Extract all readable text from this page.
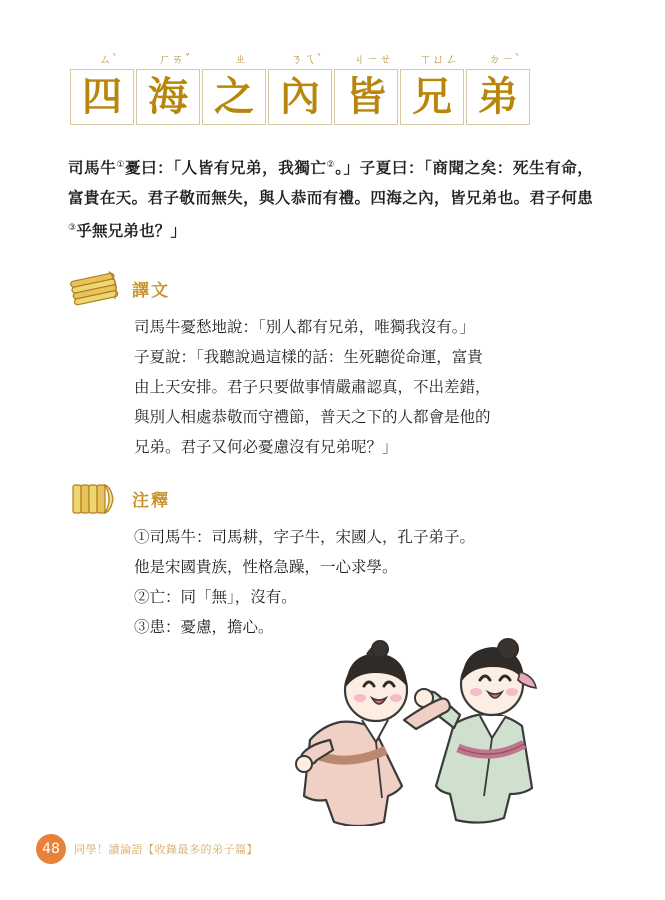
ㄙˋ	ㄏㄞˇ	ㄓ	ㄋㄟˋ	ㄐㄧㄝ	ㄒㄩㄥ	ㄉㄧˋ
四 海 之 內 皆 兄 弟
司馬牛①憂曰：「人皆有兄弟，我獨亡②。」子夏曰：「商聞之矣：死生有命，富貴在天。君子敬而無失，與人恭而有禮。四海之內，皆兄弟也。君子何患③乎無兄弟也？」
譯文

司馬牛憂愁地說：「別人都有兄弟，唯獨我沒有。」

子夏說：「我聽說過這樣的話：生死聽從命運，富貴

由上天安排。君子只要做事情嚴肅認真，不出差錯，

與別人相處恭敬而守禮節，普天之下的人都會是他的

兄弟。君子又何必憂慮沒有兄弟呢？」

注釋

①司馬牛：司馬耕，字子牛，宋國人，孔子弟子。

他是宋國貴族，性格急躁，一心求學。

②亡：同「無」，沒有。

③患：憂慮，擔心。

48	同學！讀論語【收錄最多的弟子篇】
